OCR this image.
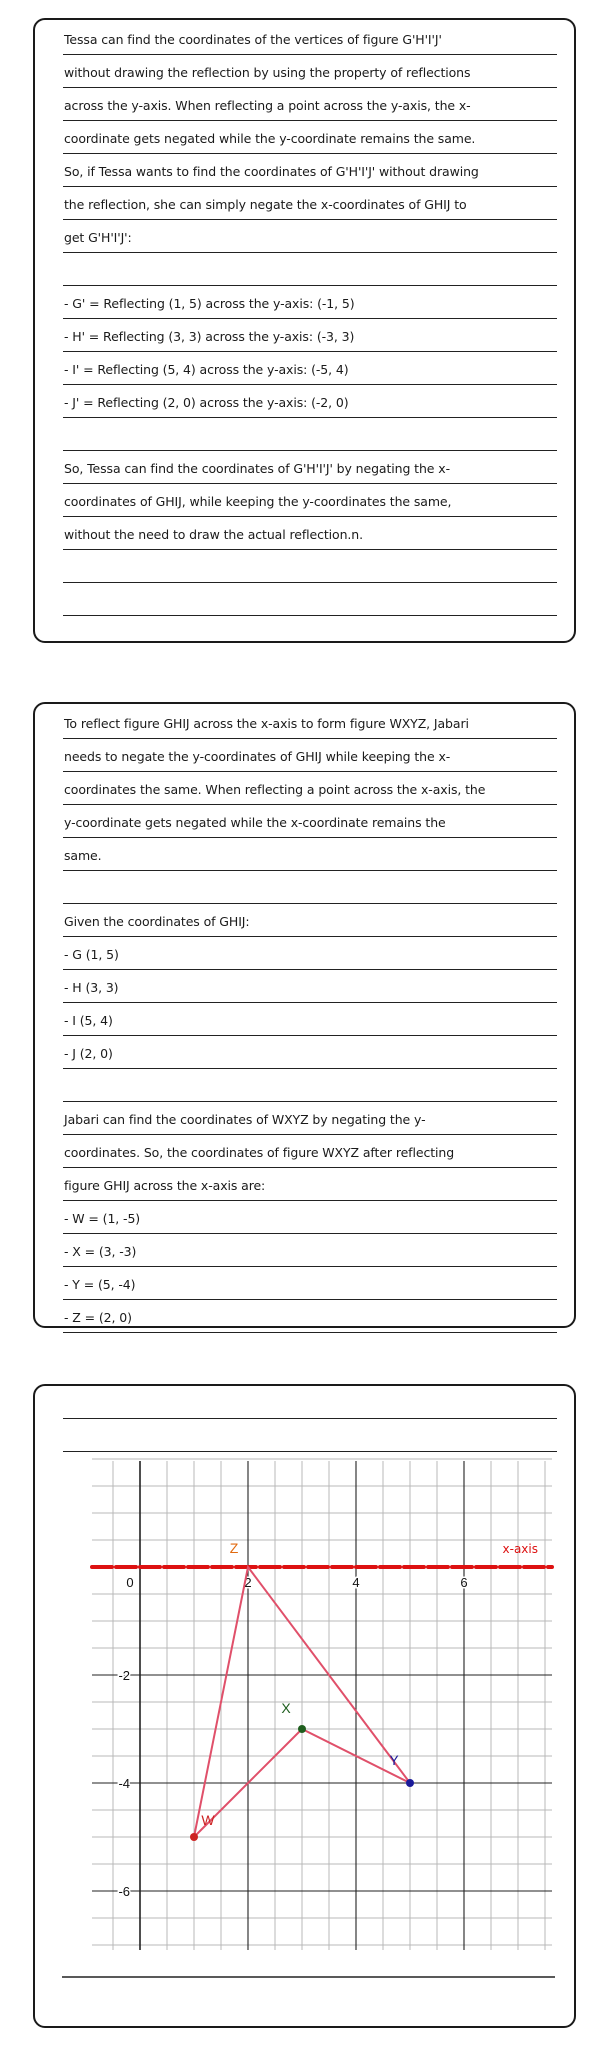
Tessa can find the coordinates of the vertices of figure G'H'I'J'
without drawing the reflection by using the property of reflections
across the y-axis. When reflecting a point across the y-axis, the x-
coordinate gets negated while the y-coordinate remains the same.
So, if Tessa wants to find the coordinates of G'H'I'J' without drawing
the reflection, she can simply negate the x-coordinates of GHIJ to
get G'H'I'J':
- G' = Reflecting (1, 5) across the y-axis: (-1, 5)
- H' = Reflecting (3, 3) across the y-axis: (-3, 3)
- I' = Reflecting (5, 4) across the y-axis: (-5, 4)
- J' = Reflecting (2, 0) across the y-axis: (-2, 0)
So, Tessa can find the coordinates of G'H'I'J' by negating the x-
coordinates of GHIJ, while keeping the y-coordinates the same,
without the need to draw the actual reflection.n.
To reflect figure GHIJ across the x-axis to form figure WXYZ, Jabari
needs to negate the y-coordinates of GHIJ while keeping the x-
coordinates the same. When reflecting a point across the x-axis, the
y-coordinate gets negated while the x-coordinate remains the
same.
Given the coordinates of GHIJ:
- G (1, 5)
- H (3, 3)
- I (5, 4)
- J (2, 0)
Jabari can find the coordinates of WXYZ by negating the y-
coordinates. So, the coordinates of figure WXYZ after reflecting
figure GHIJ across the x-axis are:
- W = (1, -5)
- X = (3, -3)
- Y = (5, -4)
- Z = (2, 0)
x-axis
0	2	4	6
-2
-4
-6
W
X
Y
Z
